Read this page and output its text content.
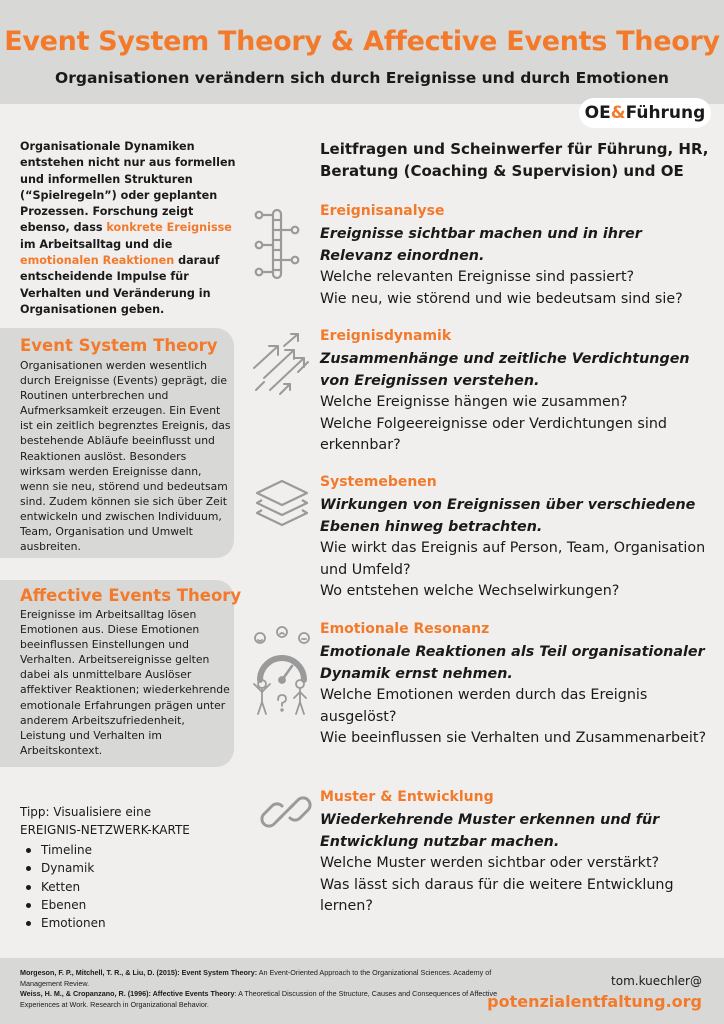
Event System Theory & Affective Events Theory
Organisationen verändern sich durch Ereignisse und durch Emotionen
OE&Führung
Organisationale Dynamiken entstehen nicht nur aus formellen und informellen Strukturen (“Spielregeln”) oder geplanten Prozessen. Forschung zeigt ebenso, dass konkrete Ereignisse im Arbeitsalltag und die emotionalen Reaktionen darauf entscheidende Impulse für Verhalten und Veränderung in Organisationen geben.
Event System Theory
Organisationen werden wesentlich durch Ereignisse (Events) geprägt, die Routinen unterbrechen und Aufmerksamkeit erzeugen. Ein Event ist ein zeitlich begrenztes Ereignis, das bestehende Abläufe beeinflusst und Reaktionen auslöst. Besonders wirksam werden Ereignisse dann, wenn sie neu, störend und bedeutsam sind. Zudem können sie sich über Zeit entwickeln und zwischen Individuum, Team, Organisation und Umwelt ausbreiten.
Affective Events Theory
Ereignisse im Arbeitsalltag lösen Emotionen aus. Diese Emotionen beeinflussen Einstellungen und Verhalten. Arbeitsereignisse gelten dabei als unmittelbare Auslöser affektiver Reaktionen; wiederkehrende emotionale Erfahrungen prägen unter anderem Arbeitszufriedenheit, Leistung und Verhalten im Arbeitskontext.
Tipp: Visualisiere eine
EREIGNIS-NETZWERK-KARTE
Timeline
Dynamik
Ketten
Ebenen
Emotionen
Leitfragen und Scheinwerfer für Führung, HR, Beratung (Coaching & Supervision) und OE
Ereignisanalyse
Ereignisse sichtbar machen und in ihrer Relevanz einordnen.
Welche relevanten Ereignisse sind passiert?
Wie neu, wie störend und wie bedeutsam sind sie?
Ereignisdynamik
Zusammenhänge und zeitliche Verdichtungen von Ereignissen verstehen.
Welche Ereignisse hängen wie zusammen?
Welche Folgeereignisse oder Verdichtungen sind erkennbar?
Systemebenen
Wirkungen von Ereignissen über verschiedene Ebenen hinweg betrachten.
Wie wirkt das Ereignis auf Person, Team, Organisation und Umfeld?
Wo entstehen welche Wechselwirkungen?
Emotionale Resonanz
Emotionale Reaktionen als Teil organisationaler Dynamik ernst nehmen.
Welche Emotionen werden durch das Ereignis ausgelöst?
Wie beeinflussen sie Verhalten und Zusammenarbeit?
Muster & Entwicklung
Wiederkehrende Muster erkennen und für Entwicklung nutzbar machen.
Welche Muster werden sichtbar oder verstärkt?
Was lässt sich daraus für die weitere Entwicklung lernen?
Morgeson, F. P., Mitchell, T. R., & Liu, D. (2015): Event System Theory: An Event-Oriented Approach to the Organizational Sciences. Academy of Management Review.
Weiss, H. M., & Cropanzano, R. (1996): Affective Events Theory: A Theoretical Discussion of the Structure, Causes and Consequences of Affective Experiences at Work. Research in Organizational Behavior.
tom.kuechler@
potenzialentfaltung.org
